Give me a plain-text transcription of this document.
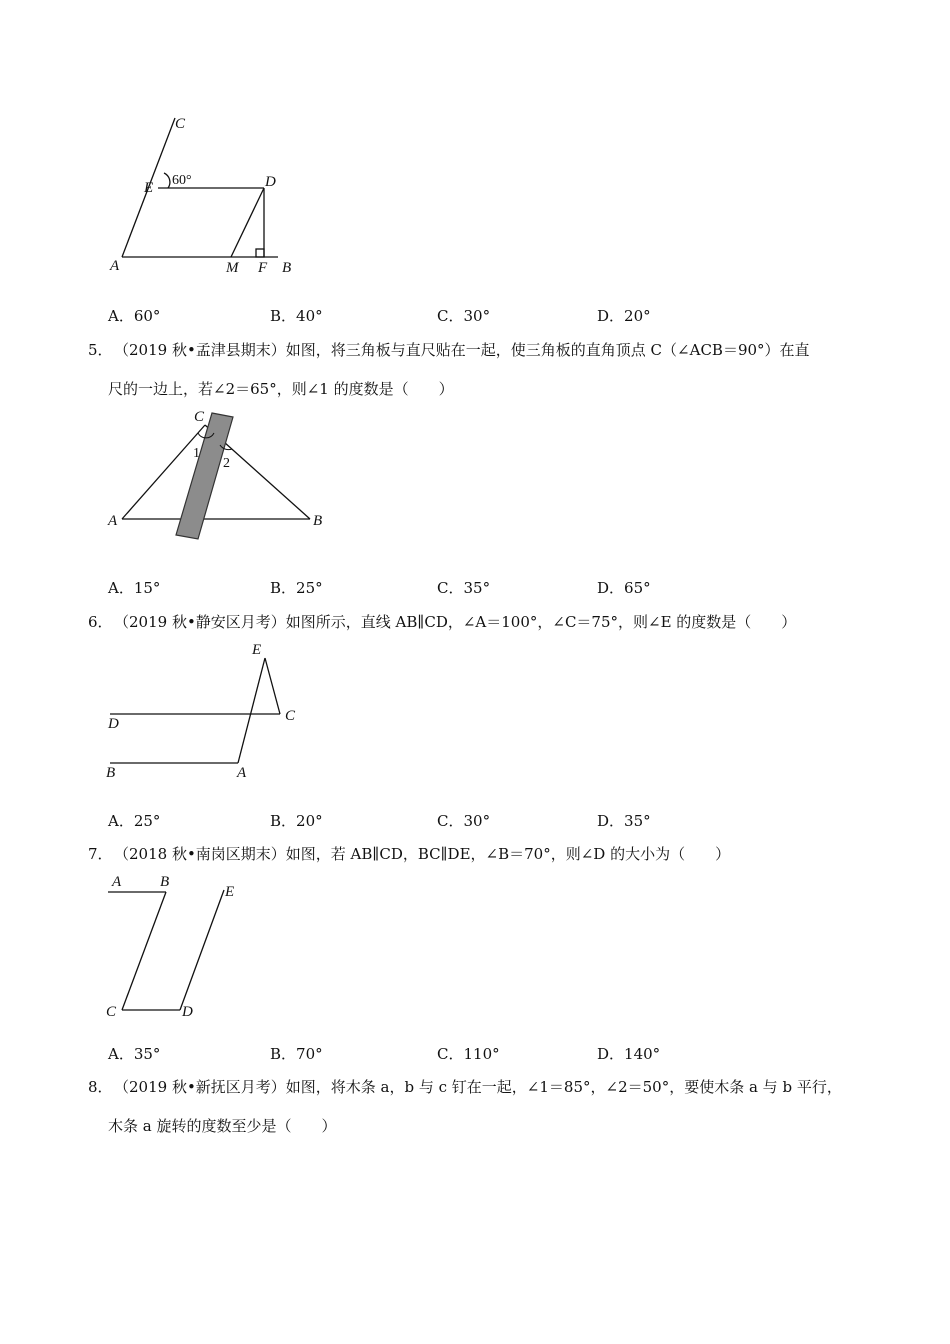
C
E 60°	D
A	M F B
A．60°	B．40°	C．30°	D．20°
5．（2019 秋•孟津县期末）如图，将三角板与直尺贴在一起，使三角板的直角顶点 C（∠ACB＝90°）在直
尺的一边上，若∠2＝65°，则∠1 的度数是（　　）
C
1
2
A	B
A．15°	B．25°	C．35°	D．65°
6．（2019 秋•静安区月考）如图所示，直线 AB∥CD，∠A＝100°，∠C＝75°，则∠E 的度数是（　　）
E
D	C
B	A
A．25°	B．20°	C．30°	D．35°
7．（2018 秋•南岗区期末）如图，若 AB∥CD，BC∥DE，∠B＝70°，则∠D 的大小为（　　）
A	B
E
C	D
A．35°	B．70°	C．110°	D．140°
8．（2019 秋•新抚区月考）如图，将木条 a，b 与 c 钉在一起，∠1＝85°，∠2＝50°，要使木条 a 与 b 平行，
木条 a 旋转的度数至少是（　　）
